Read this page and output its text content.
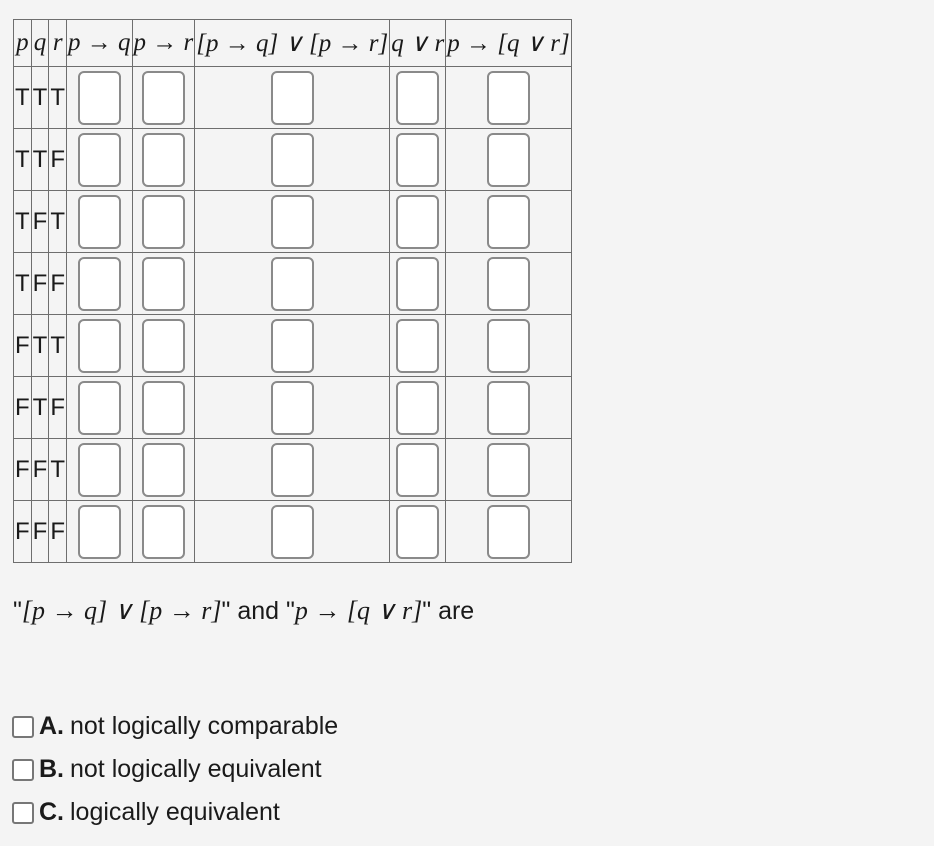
p	q	r	p → q	p → r	[p → q] ∨ [p → r]	q ∨ r	p → [q ∨ r]
T	T	T					
T	T	F					
T	F	T					
T	F	F					
F	T	T					
F	T	F					
F	F	T					
F	F	F					
"[p → q] ∨ [p → r]" and "p → [q ∨ r]" are
A. not logically comparable
B. not logically equivalent
C. logically equivalent
